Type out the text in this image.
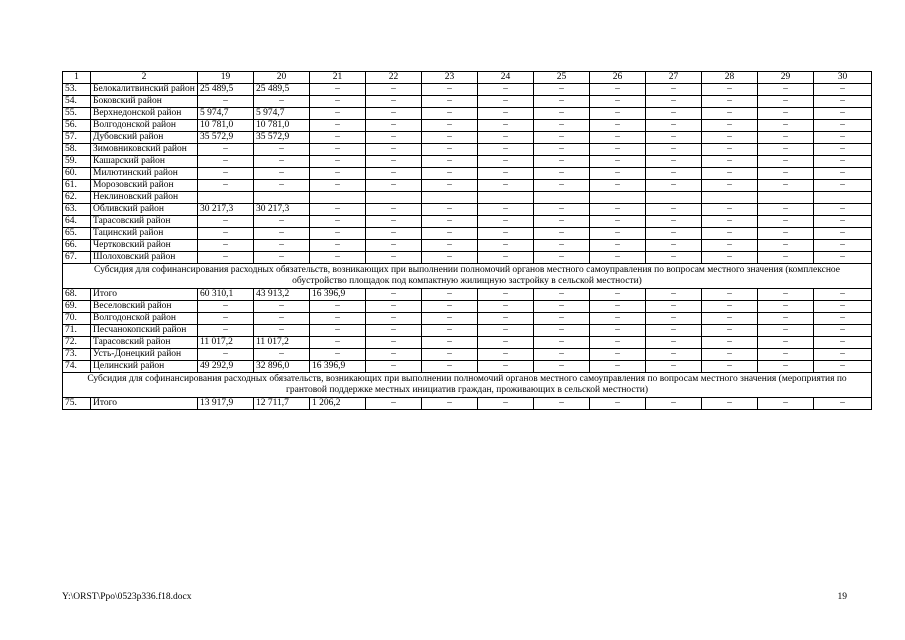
1	2	19	20	21	22	23	24	25	26	27	28	29	30
53.	Белокалитвинский район	25 489,5	25 489,5	–	–	–	–	–	–	–	–	–	–
54.	Боковский район	–	–	–	–	–	–	–	–	–	–	–	–
55.	Верхнедонской район	5 974,7	5 974,7	–	–	–	–	–	–	–	–	–	–
56.	Волгодонской район	10 781,0	10 781,0	–	–	–	–	–	–	–	–	–	–
57.	Дубовский район	35 572,9	35 572,9	–	–	–	–	–	–	–	–	–	–
58.	Зимовниковский район	–	–	–	–	–	–	–	–	–	–	–	–
59.	Кашарский район	–	–	–	–	–	–	–	–	–	–	–	–
60.	Милютинский район	–	–	–	–	–	–	–	–	–	–	–	–
61.	Морозовский район	–	–	–	–	–	–	–	–	–	–	–	–
62.	Неклиновский район												
63.	Обливский район	30 217,3	30 217,3	–	–	–	–	–	–	–	–	–	–
64.	Тарасовский район	–	–	–	–	–	–	–	–	–	–	–	–
65.	Тацинский район	–	–	–	–	–	–	–	–	–	–	–	–
66.	Чертковский район	–	–	–	–	–	–	–	–	–	–	–	–
67.	Шолоховский район	–	–	–	–	–	–	–	–	–	–	–	–
Субсидия для софинансирования расходных обязательств, возникающих при выполнении полномочий органов местного самоуправления по вопросам местного значения (комплексное обустройство площадок под компактную жилищную застройку в сельской местности)													
68.	Итого	60 310,1	43 913,2	16 396,9	–	–	–	–	–	–	–	–	–
69.	Веселовский район	–	–	–	–	–	–	–	–	–	–	–	–
70.	Волгодонской район	–	–	–	–	–	–	–	–	–	–	–	–
71.	Песчанокопский район	–	–	–	–	–	–	–	–	–	–	–	–
72.	Тарасовский район	11 017,2	11 017,2	–	–	–	–	–	–	–	–	–	–
73.	Усть-Донецкий район	–	–	–	–	–	–	–	–	–	–	–	–
74.	Целинский район	49 292,9	32 896,0	16 396,9	–	–	–	–	–	–	–	–	–
Субсидия для софинансирования расходных обязательств, возникающих при выполнении полномочий органов местного самоуправления по вопросам местного значения (мероприятия по грантовой поддержке местных инициатив граждан, проживающих в сельской местности)													
75.	Итого	13 917,9	12 711,7	1 206,2	–	–	–	–	–	–	–	–	–
Y:\ORST\Ppo\0523p336.f18.docx	19
